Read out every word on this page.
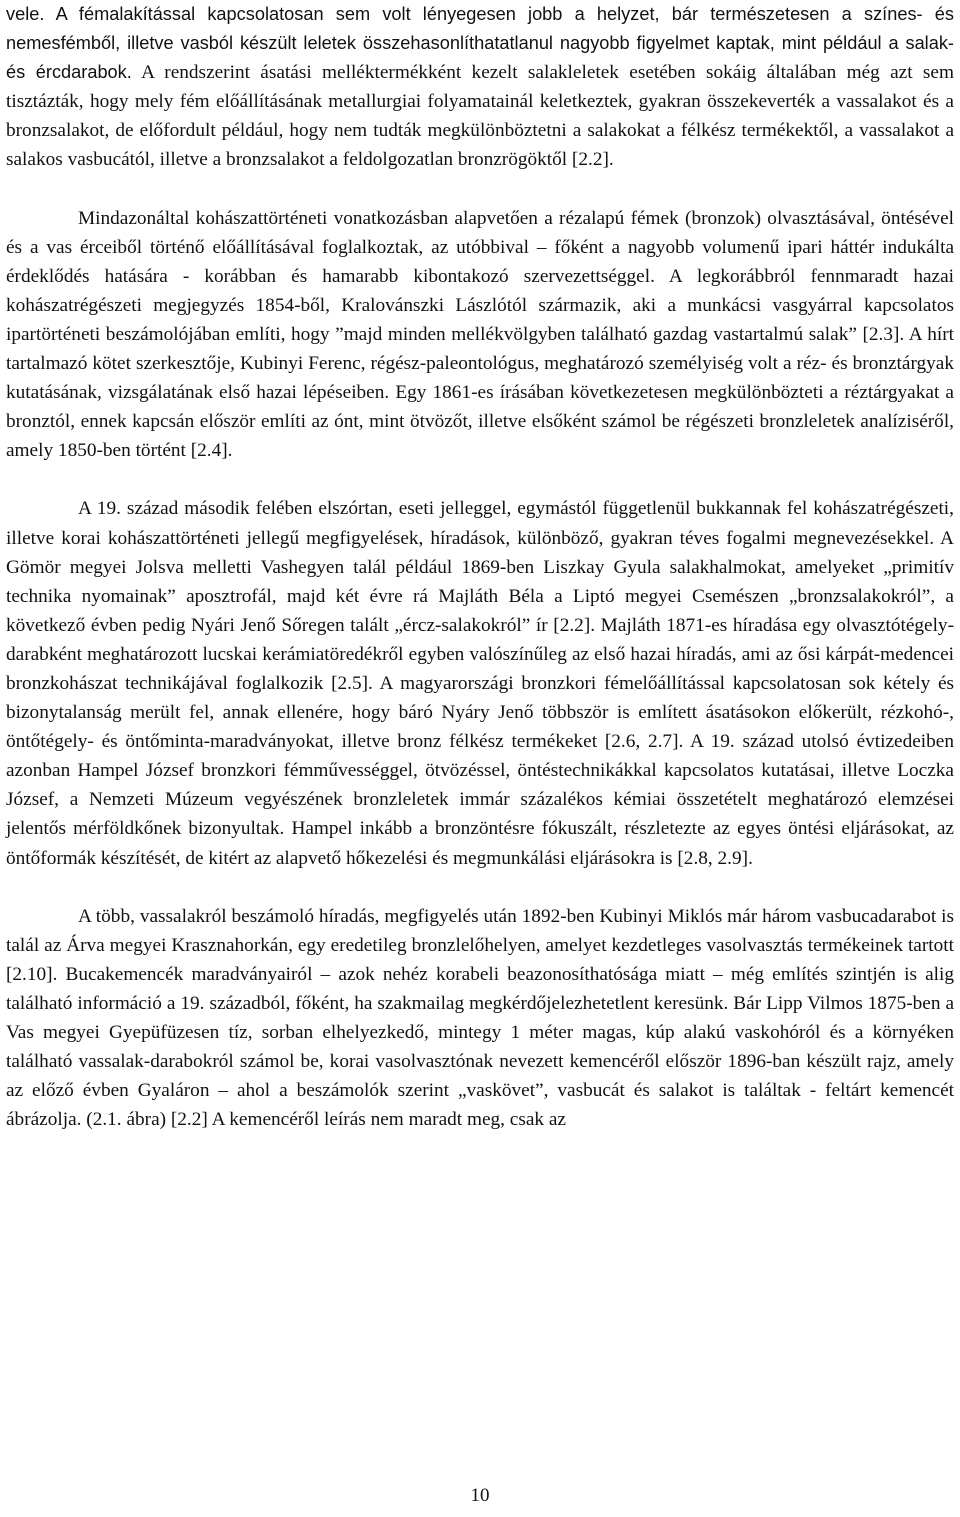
vele. A fémalakítással kapcsolatosan sem volt lényegesen jobb a helyzet, bár természetesen a színes- és nemesfémből, illetve vasból készült leletek összehasonlíthatatlanul nagyobb figyelmet kaptak, mint például a salak- és ércdarabok. A rendszerint ásatási melléktermékként kezelt salakleletek esetében sokáig általában még azt sem tisztázták, hogy mely fém előállításának metallurgiai folyamatainál keletkeztek, gyakran összekeverték a vassalakot és a bronzsalakot, de előfordult például, hogy nem tudták megkülönböztetni a salakokat a félkész termékektől, a vassalakot a salakos vasbucától, illetve a bronzsalakot a feldolgozatlan bronzrögöktől [2.2].

Mindazonáltal kohászattörténeti vonatkozásban alapvetően a rézalapú fémek (bronzok) olvasztásával, öntésével és a vas érceiből történő előállításával foglalkoztak, az utóbbival – főként a nagyobb volumenű ipari háttér indukálta érdeklődés hatására - korábban és hamarabb kibontakozó szervezettséggel. A legkorábbról fennmaradt hazai kohászatrégészeti megjegyzés 1854-ből, Kralovánszki Lászlótól származik, aki a munkácsi vasgyárral kapcsolatos ipartörténeti beszámolójában említi, hogy ”majd minden mellékvölgyben található gazdag vastartalmú salak” [2.3]. A hírt tartalmazó kötet szerkesztője, Kubinyi Ferenc, régész-paleontológus, meghatározó személyiség volt a réz- és bronztárgyak kutatásának, vizsgálatának első hazai lépéseiben. Egy 1861-es írásában következetesen megkülönbözteti a réztárgyakat a bronztól, ennek kapcsán először említi az ónt, mint ötvözőt, illetve elsőként számol be régészeti bronzleletek analíziséről, amely 1850-ben történt [2.4].

A 19. század második felében elszórtan, eseti jelleggel, egymástól függetlenül bukkannak fel kohászatrégészeti, illetve korai kohászattörténeti jellegű megfigyelések, híradások, különböző, gyakran téves fogalmi megnevezésekkel. A Gömör megyei Jolsva melletti Vashegyen talál például 1869-ben Liszkay Gyula salakhalmokat, amelyeket „primitív technika nyomainak” aposztrofál, majd két évre rá Majláth Béla a Liptó megyei Csemészen „bronzsalakokról”, a következő évben pedig Nyári Jenő Sőregen talált „ércz-salakokról” ír [2.2]. Majláth 1871-es híradása egy olvasztótégely-darabként meghatározott lucskai kerámiatöredékről egyben valószínűleg az első hazai híradás, ami az ősi kárpát-medencei bronzkohászat technikájával foglalkozik [2.5]. A magyarországi bronzkori fémelőállítással kapcsolatosan sok kétely és bizonytalanság merült fel, annak ellenére, hogy báró Nyáry Jenő többször is említett ásatásokon előkerült, rézkohó-, öntőtégely- és öntőminta-maradványokat, illetve bronz félkész termékeket [2.6, 2.7]. A 19. század utolsó évtizedeiben azonban Hampel József bronzkori fémművességgel, ötvözéssel, öntéstechnikákkal kapcsolatos kutatásai, illetve Loczka József, a Nemzeti Múzeum vegyészének bronzleletek immár százalékos kémiai összetételt meghatározó elemzései jelentős mérföldkőnek bizonyultak. Hampel inkább a bronzöntésre fókuszált, részletezte az egyes öntési eljárásokat, az öntőformák készítését, de kitért az alapvető hőkezelési és megmunkálási eljárásokra is [2.8, 2.9].

A több, vassalakról beszámoló híradás, megfigyelés után 1892-ben Kubinyi Miklós már három vasbucadarabot is talál az Árva megyei Krasznahorkán, egy eredetileg bronzlelőhelyen, amelyet kezdetleges vasolvasztás termékeinek tartott [2.10]. Bucakemencék maradványairól – azok nehéz korabeli beazonosíthatósága miatt – még említés szintjén is alig található információ a 19. századból, főként, ha szakmailag megkérdőjelezhetetlent keresünk. Bár Lipp Vilmos 1875-ben a Vas megyei Gyepüfüzesen tíz, sorban elhelyezkedő, mintegy 1 méter magas, kúp alakú vaskohóról és a környéken található vassalak-darabokról számol be, korai vasolvasztónak nevezett kemencéről először 1896-ban készült rajz, amely az előző évben Gyaláron – ahol a beszámolók szerint „vaskövet”, vasbucát és salakot is találtak - feltárt kemencét ábrázolja. (2.1. ábra) [2.2] A kemencéről leírás nem maradt meg, csak az

10
